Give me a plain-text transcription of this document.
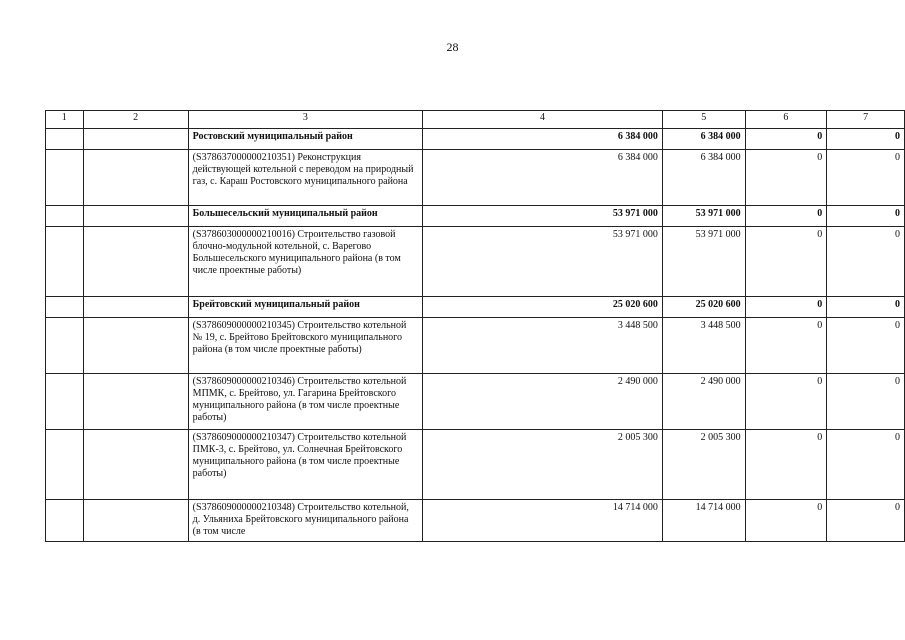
28
1	2	3	4	5	6	7
		Ростовский муниципальный район	6 384 000	6 384 000	0	0
		(S378637000000210351) Реконструкция действующей котельной с переводом на природный газ, с. Караш Ростовского муниципального района	6 384 000	6 384 000	0	0
		Большесельский муниципальный район	53 971 000	53 971 000	0	0
		(S378603000000210016) Строительство газовой блочно-модульной котельной, с. Варегово Большесельского муниципального района (в том числе проектные работы)	53 971 000	53 971 000	0	0
		Брейтовский муниципальный район	25 020 600	25 020 600	0	0
		(S378609000000210345) Строительство котельной № 19, с. Брейтово Брейтовского муниципального района (в том числе проектные работы)	3 448 500	3 448 500	0	0
		(S378609000000210346) Строительство котельной МПМК, с. Брейтово, ул. Гагарина Брейтовского муниципального района (в том числе проектные работы)	2 490 000	2 490 000	0	0
		(S378609000000210347) Строительство котельной ПМК-3, с. Брейтово, ул. Солнечная Брейтовского муниципального района (в том числе проектные работы)	2 005 300	2 005 300	0	0
		(S378609000000210348) Строительство котельной, д. Ульяниха Брейтовского муниципального района (в том числе	14 714 000	14 714 000	0	0
